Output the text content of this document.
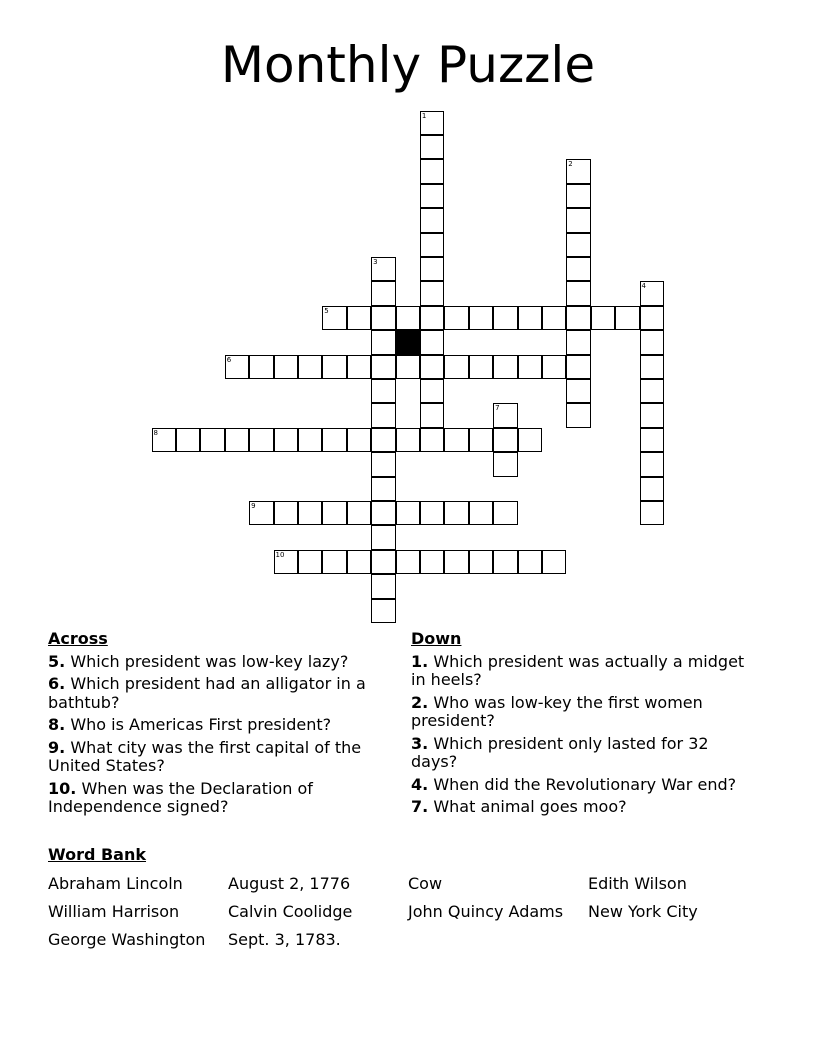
Monthly Puzzle
1
2
3
4
5
6
7
8
9
10
Across
5. Which president was low-key lazy?
6. Which president had an alligator in a bathtub?
8. Who is Americas First president?
9. What city was the first capital of the United States?
10. When was the Declaration of Independence signed?
Down
1. Which president was actually a midget in heels?
2. Who was low-key the first women president?
3. Which president only lasted for 32 days?
4. When did the Revolutionary War end?
7. What animal goes moo?
Word Bank
Abraham Lincoln	August 2, 1776	Cow	Edith Wilson
William Harrison	Calvin Coolidge	John Quincy Adams	New York City
George Washington	Sept. 3, 1783.
